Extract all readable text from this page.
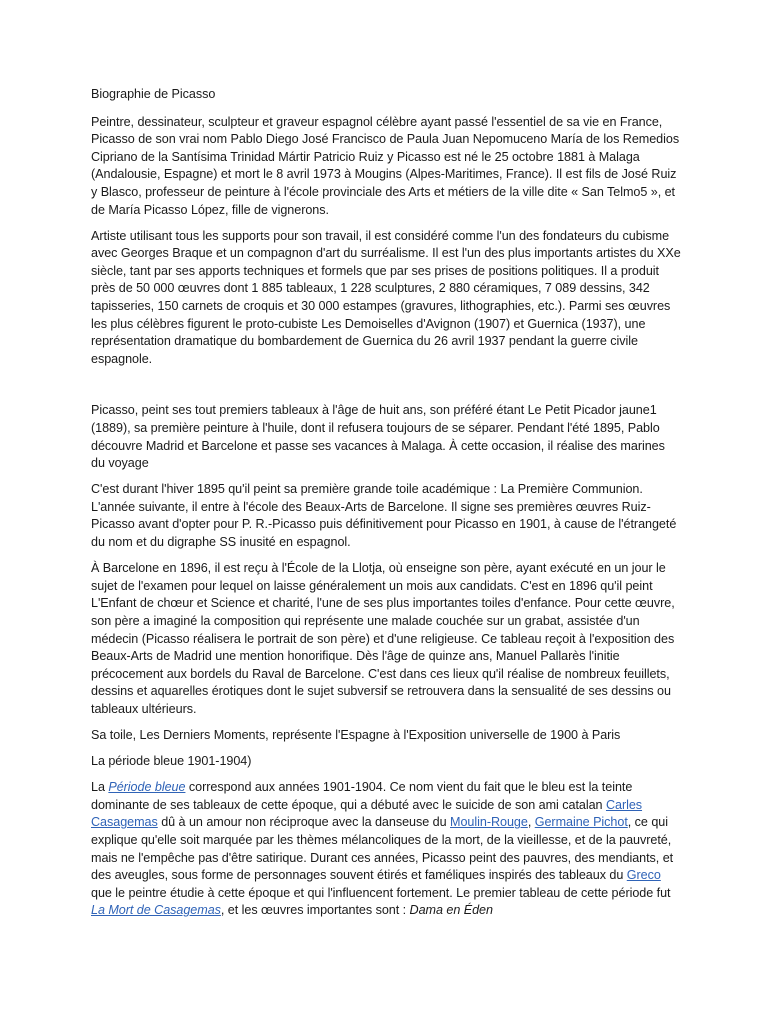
Biographie de Picasso

Peintre, dessinateur, sculpteur et graveur espagnol célèbre ayant passé l'essentiel de sa vie en France, Picasso de son vrai nom Pablo Diego José Francisco de Paula Juan Nepomuceno María de los Remedios Cipriano de la Santísima Trinidad Mártir Patricio Ruiz y Picasso est né le 25 octobre 1881 à Malaga (Andalousie, Espagne) et mort le 8 avril 1973 à Mougins (Alpes-Maritimes, France). Il est fils de José Ruiz y Blasco, professeur de peinture à l'école provinciale des Arts et métiers de la ville dite « San Telmo5 », et de María Picasso López, fille de vignerons.

Artiste utilisant tous les supports pour son travail, il est considéré comme l'un des fondateurs du cubisme avec Georges Braque et un compagnon d'art du surréalisme. Il est l'un des plus importants artistes du XXe siècle, tant par ses apports techniques et formels que par ses prises de positions politiques. Il a produit près de 50 000 œuvres dont 1 885 tableaux, 1 228 sculptures, 2 880 céramiques, 7 089 dessins, 342 tapisseries, 150 carnets de croquis et 30 000 estampes (gravures, lithographies, etc.). Parmi ses œuvres les plus célèbres figurent le proto-cubiste Les Demoiselles d'Avignon (1907) et Guernica (1937), une représentation dramatique du bombardement de Guernica du 26 avril 1937 pendant la guerre civile espagnole.

Picasso, peint ses tout premiers tableaux à l'âge de huit ans, son préféré étant Le Petit Picador jaune1 (1889), sa première peinture à l'huile, dont il refusera toujours de se séparer. Pendant l'été 1895, Pablo découvre Madrid et Barcelone et passe ses vacances à Malaga. À cette occasion, il réalise des marines du voyage

C'est durant l'hiver 1895 qu'il peint sa première grande toile académique : La Première Communion. L'année suivante, il entre à l'école des Beaux-Arts de Barcelone. Il signe ses premières œuvres Ruiz-Picasso avant d'opter pour P. R.-Picasso puis définitivement pour Picasso en 1901, à cause de l'étrangeté du nom et du digraphe SS inusité en espagnol.

À Barcelone en 1896, il est reçu à l'École de la Llotja, où enseigne son père, ayant exécuté en un jour le sujet de l'examen pour lequel on laisse généralement un mois aux candidats. C'est en 1896 qu'il peint L'Enfant de chœur et Science et charité, l'une de ses plus importantes toiles d'enfance. Pour cette œuvre, son père a imaginé la composition qui représente une malade couchée sur un grabat, assistée d'un médecin (Picasso réalisera le portrait de son père) et d'une religieuse. Ce tableau reçoit à l'exposition des Beaux-Arts de Madrid une mention honorifique. Dès l'âge de quinze ans, Manuel Pallarès l'initie précocement aux bordels du Raval de Barcelone. C'est dans ces lieux qu'il réalise de nombreux feuillets, dessins et aquarelles érotiques dont le sujet subversif se retrouvera dans la sensualité de ses dessins ou tableaux ultérieurs.

Sa toile, Les Derniers Moments, représente l'Espagne à l'Exposition universelle de 1900 à Paris

La période bleue 1901-1904)

La Période bleue correspond aux années 1901-1904. Ce nom vient du fait que le bleu est la teinte dominante de ses tableaux de cette époque, qui a débuté avec le suicide de son ami catalan Carles Casagemas dû à un amour non réciproque avec la danseuse du Moulin-Rouge, Germaine Pichot, ce qui explique qu'elle soit marquée par les thèmes mélancoliques de la mort, de la vieillesse, et de la pauvreté, mais ne l'empêche pas d'être satirique. Durant ces années, Picasso peint des pauvres, des mendiants, et des aveugles, sous forme de personnages souvent étirés et faméliques inspirés des tableaux du Greco que le peintre étudie à cette époque et qui l'influencent fortement. Le premier tableau de cette période fut La Mort de Casagemas, et les œuvres importantes sont : Dama en Éden
